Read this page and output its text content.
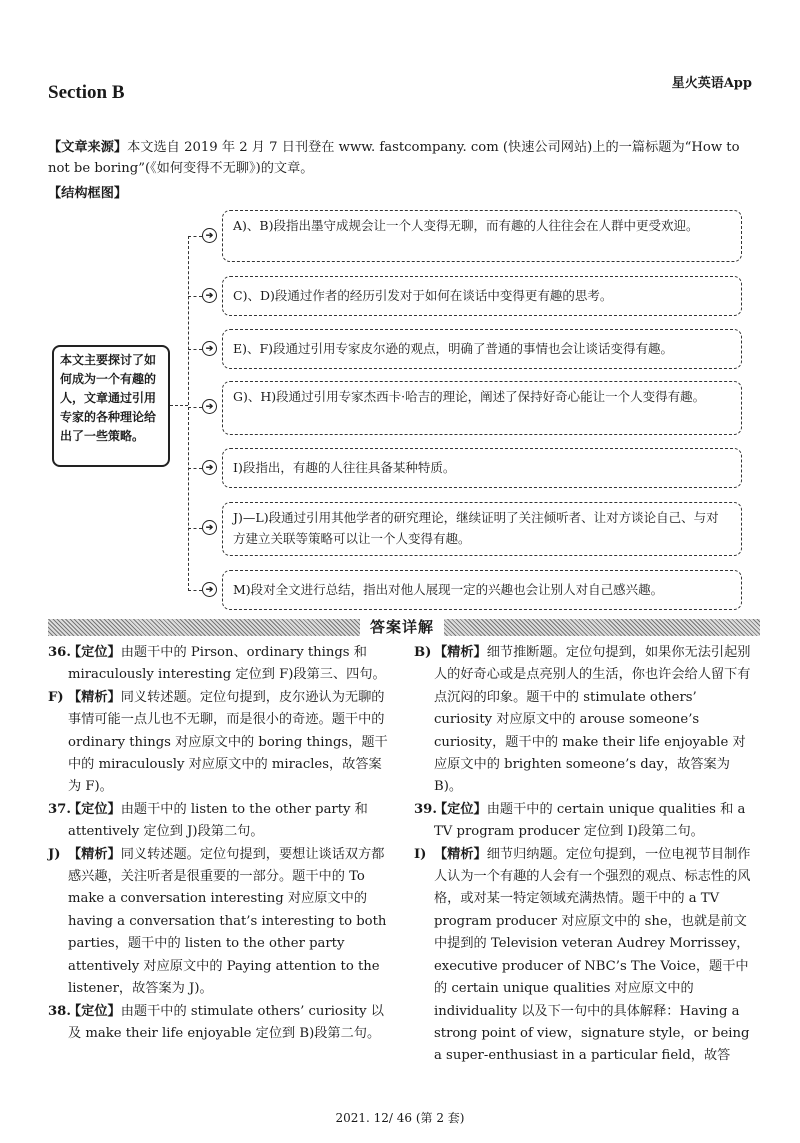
Section B	星火英语App
【文章来源】本文选自 2019 年 2 月 7 日刊登在 www. fastcompany. com (快速公司网站)上的一篇标题为“How to not be boring”(《如何变得不无聊》)的文章。
【结构框图】
本文主要探讨了如何成为一个有趣的人，文章通过引用专家的各种理论给出了一些策略。
➔
A)、B)段指出墨守成规会让一个人变得无聊，而有趣的人往往会在人群中更受欢迎。
➔	C)、D)段通过作者的经历引发对于如何在谈话中变得更有趣的思考。
➔	E)、F)段通过引用专家皮尔逊的观点，明确了普通的事情也会让谈话变得有趣。
➔
G)、H)段通过引用专家杰西卡·哈吉的理论，阐述了保持好奇心能让一个人变得有趣。
➔	I)段指出，有趣的人往往具备某种特质。
➔
J)—L)段通过引用其他学者的研究理论，继续证明了关注倾听者、让对方谈论自己、与对方建立关联等策略可以让一个人变得有趣。
➔	M)段对全文进行总结，指出对他人展现一定的兴趣也会让别人对自己感兴趣。
答案详解

36.
【定位】由题干中的 Pirson、ordinary things 和 miraculously interesting 定位到 F)段第三、四句。

F) 【精析】同义转述题。定位句提到，皮尔逊认为无聊的事情可能一点儿也不无聊，而是很小的奇迹。题干中的 ordinary things 对应原文中的 boring things，题干中的 miraculously 对应原文中的 miracles，故答案为 F)。

37.
【定位】由题干中的 listen to the other party 和 attentively 定位到 J)段第二句。

J) 【精析】同义转述题。定位句提到，要想让谈话双方都感兴趣，关注听者是很重要的一部分。题干中的 To make a conversation interesting 对应原文中的 having a conversation that’s interesting to both parties，题干中的 listen to the other party attentively 对应原文中的 Paying attention to the listener，故答案为 J)。

38.
【定位】由题干中的 stimulate others’ curiosity 以及 make their life enjoyable 定位到 B)段第二句。

B) 【精析】细节推断题。定位句提到，如果你无法引起别人的好奇心或是点亮别人的生活，你也许会给人留下有点沉闷的印象。题干中的 stimulate others’ curiosity 对应原文中的 arouse someone’s curiosity，题干中的 make their life enjoyable 对应原文中的 brighten someone’s day，故答案为 B)。

39.
【定位】由题干中的 certain unique qualities 和 a TV program producer 定位到 I)段第二句。

I) 【精析】细节归纳题。定位句提到，一位电视节目制作人认为一个有趣的人会有一个强烈的观点、标志性的风格，或对某一特定领域充满热情。题干中的 a TV program producer 对应原文中的 she，也就是前文中提到的 Television veteran Audrey Morrissey，executive producer of NBC’s The Voice，题干中的 certain unique qualities 对应原文中的 individuality 以及下一句中的具体解释：Having a strong point of view，signature style，or being a super-enthusiast in a particular field，故答

2021. 12/ 46 (第 2 套)
